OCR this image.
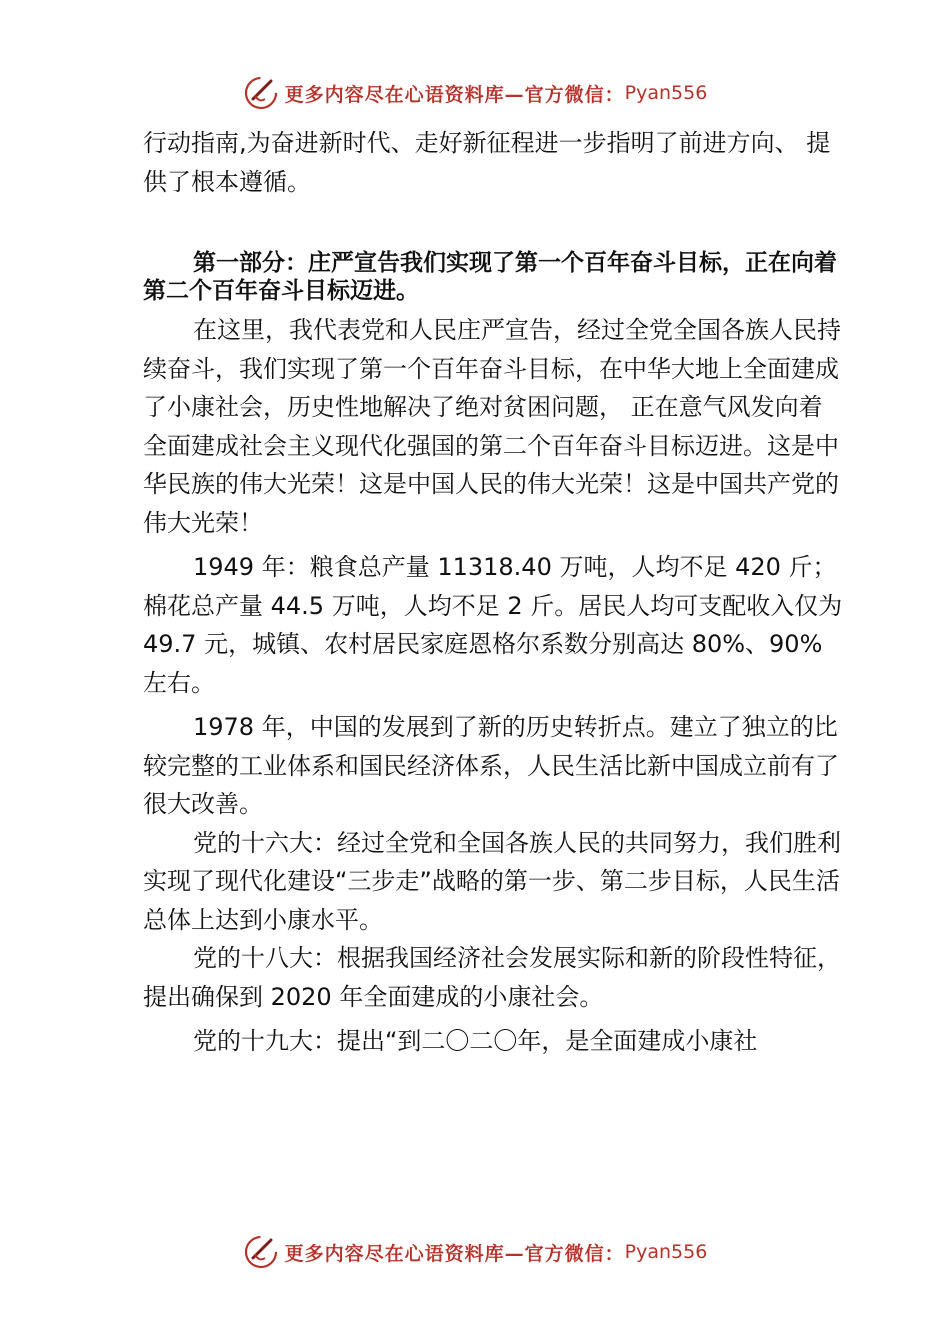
更多内容尽在心语资料库—官方微信： Pyan556

行动指南,为奋进新时代、走好新征程进一步指明了前进方向、 提供了根本遵循。

第一部分：庄严宣告我们实现了第一个百年奋斗目标，正在向着第二个百年奋斗目标迈进。

在这里，我代表党和人民庄严宣告，经过全党全国各族人民持续奋斗，我们实现了第一个百年奋斗目标，在中华大地上全面建成了小康社会，历史性地解决了绝对贫困问题， 正在意气风发向着全面建成社会主义现代化强国的第二个百年奋斗目标迈进。这是中华民族的伟大光荣！这是中国人民的伟大光荣！这是中国共产党的伟大光荣！

1949 年：粮食总产量 11318.40 万吨，人均不足 420 斤；棉花总产量 44.5 万吨，人均不足 2 斤。居民人均可支配收入仅为 49.7 元，城镇、农村居民家庭恩格尔系数分别高达 80%、90%左右。

1978 年，中国的发展到了新的历史转折点。建立了独立的比较完整的工业体系和国民经济体系，人民生活比新中国成立前有了很大改善。

党的十六大：经过全党和全国各族人民的共同努力，我们胜利实现了现代化建设“三步走”战略的第一步、第二步目标，人民生活总体上达到小康水平。

党的十八大：根据我国经济社会发展实际和新的阶段性特征，提出确保到 2020 年全面建成的小康社会。

党的十九大：提出“到二〇二〇年，是全面建成小康社

更多内容尽在心语资料库—官方微信： Pyan556
